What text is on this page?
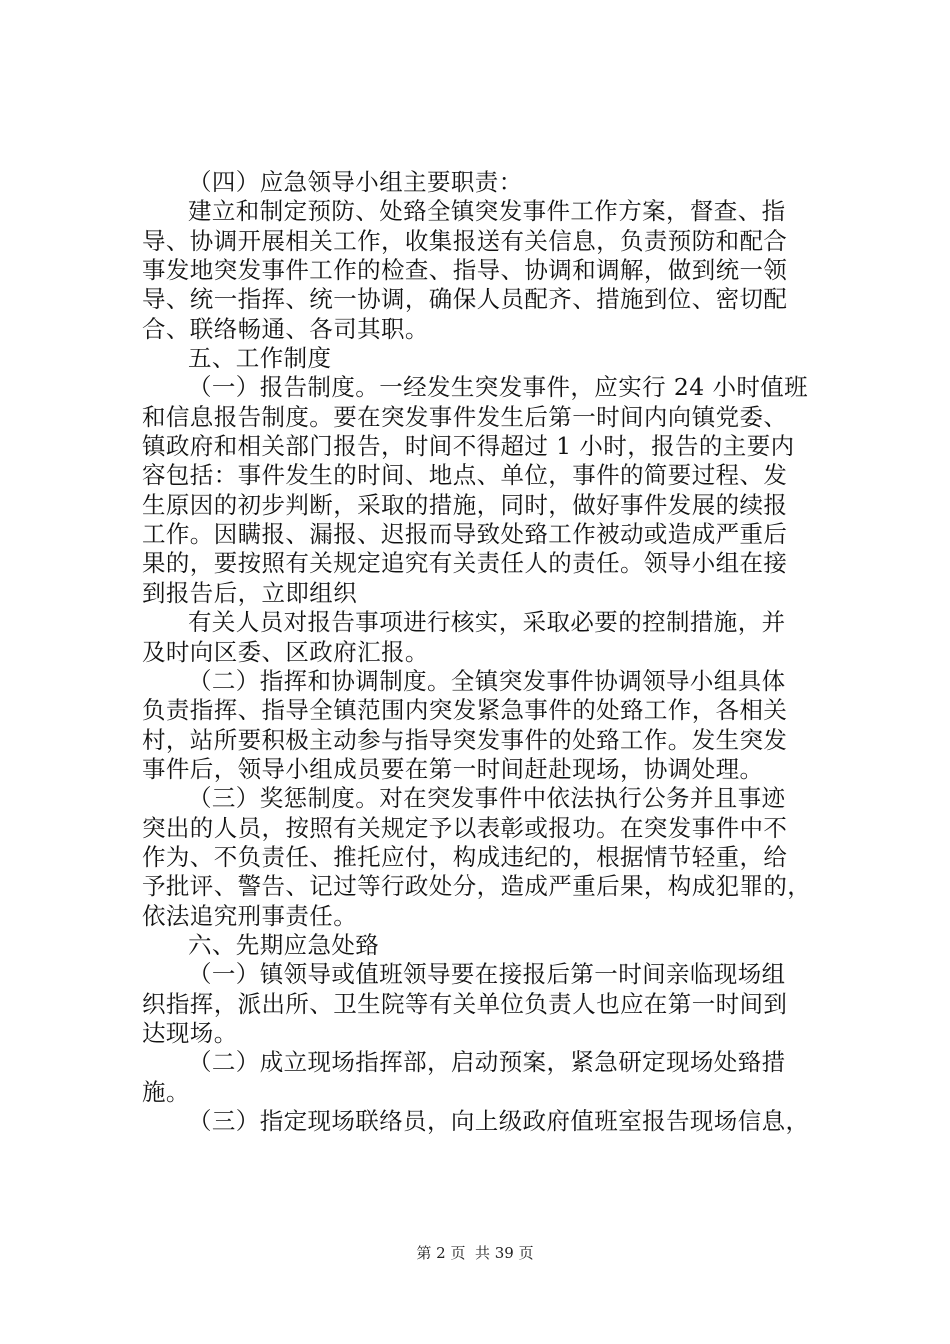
（四）应急领导小组主要职责：
建立和制定预防、处臵全镇突发事件工作方案，督查、指
导、协调开展相关工作，收集报送有关信息，负责预防和配合
事发地突发事件工作的检查、指导、协调和调解，做到统一领
导、统一指挥、统一协调，确保人员配齐、措施到位、密切配
合、联络畅通、各司其职。
五、工作制度
（一）报告制度。一经发生突发事件，应实行 24 小时值班
和信息报告制度。要在突发事件发生后第一时间内向镇党委、
镇政府和相关部门报告，时间不得超过 1 小时，报告的主要内
容包括：事件发生的时间、地点、单位，事件的简要过程、发
生原因的初步判断，采取的措施，同时，做好事件发展的续报
工作。因瞒报、漏报、迟报而导致处臵工作被动或造成严重后
果的，要按照有关规定追究有关责任人的责任。领导小组在接
到报告后，立即组织
有关人员对报告事项进行核实，采取必要的控制措施，并
及时向区委、区政府汇报。
（二）指挥和协调制度。全镇突发事件协调领导小组具体
负责指挥、指导全镇范围内突发紧急事件的处臵工作，各相关
村，站所要积极主动参与指导突发事件的处臵工作。发生突发
事件后，领导小组成员要在第一时间赶赴现场，协调处理。
（三）奖惩制度。对在突发事件中依法执行公务并且事迹
突出的人员，按照有关规定予以表彰或报功。在突发事件中不
作为、不负责任、推托应付，构成违纪的，根据情节轻重，给
予批评、警告、记过等行政处分，造成严重后果，构成犯罪的，
依法追究刑事责任。
六、先期应急处臵
（一）镇领导或值班领导要在接报后第一时间亲临现场组
织指挥，派出所、卫生院等有关单位负责人也应在第一时间到
达现场。
（二）成立现场指挥部，启动预案，紧急研定现场处臵措
施。
（三）指定现场联络员，向上级政府值班室报告现场信息，
第 2 页  共 39 页
